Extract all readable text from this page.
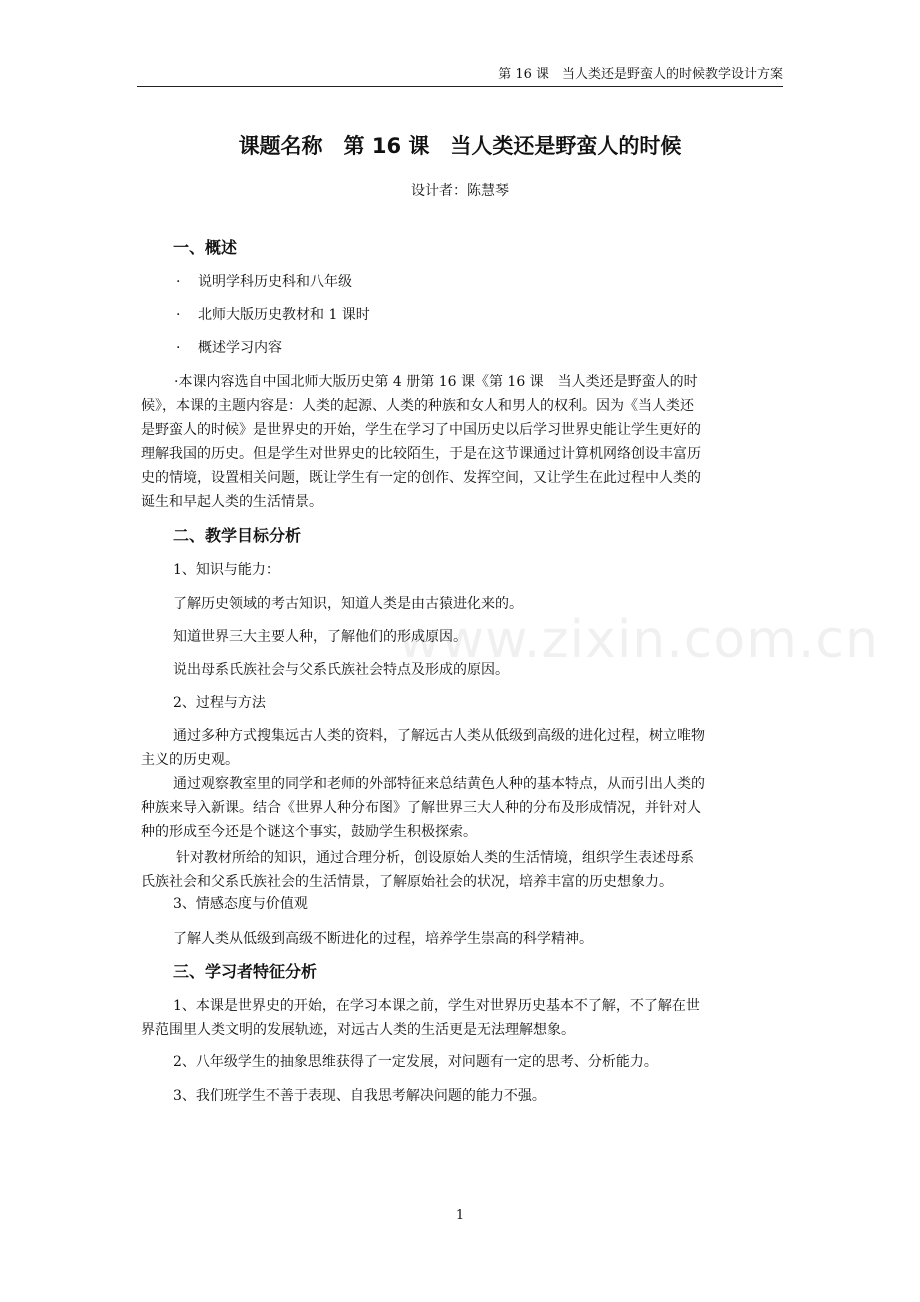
第 16 课　当人类还是野蛮人的时候教学设计方案
课题名称　第 16 课　当人类还是野蛮人的时候
设计者：陈慧琴
一、概述
· 说明学科历史科和八年级
· 北师大版历史教材和 1 课时
· 概述学习内容
·本课内容选自中国北师大版历史第 4 册第 16 课《第 16 课　当人类还是野蛮人的时
候》，本课的主题内容是：人类的起源、人类的种族和女人和男人的权利。因为《当人类还
是野蛮人的时候》是世界史的开始，学生在学习了中国历史以后学习世界史能让学生更好的
理解我国的历史。但是学生对世界史的比较陌生，于是在这节课通过计算机网络创设丰富历
史的情境，设置相关问题，既让学生有一定的创作、发挥空间，又让学生在此过程中人类的
诞生和早起人类的生活情景。
二、教学目标分析
1、知识与能力：
了解历史领域的考古知识，知道人类是由古猿进化来的。
知道世界三大主要人种，了解他们的形成原因。
说出母系氏族社会与父系氏族社会特点及形成的原因。
2、过程与方法
通过多种方式搜集远古人类的资料，了解远古人类从低级到高级的进化过程，树立唯物
主义的历史观。
通过观察教室里的同学和老师的外部特征来总结黄色人种的基本特点，从而引出人类的
种族来导入新课。结合《世界人种分布图》了解世界三大人种的分布及形成情况，并针对人
种的形成至今还是个谜这个事实，鼓励学生积极探索。
针对教材所给的知识，通过合理分析，创设原始人类的生活情境，组织学生表述母系
氏族社会和父系氏族社会的生活情景，了解原始社会的状况，培养丰富的历史想象力。
3、情感态度与价值观
了解人类从低级到高级不断进化的过程，培养学生崇高的科学精神。
三、学习者特征分析
1、本课是世界史的开始，在学习本课之前，学生对世界历史基本不了解，不了解在世
界范围里人类文明的发展轨迹，对远古人类的生活更是无法理解想象。
2、八年级学生的抽象思维获得了一定发展，对问题有一定的思考、分析能力。
3、我们班学生不善于表现、自我思考解决问题的能力不强。
www.zixin.com.cn
1
